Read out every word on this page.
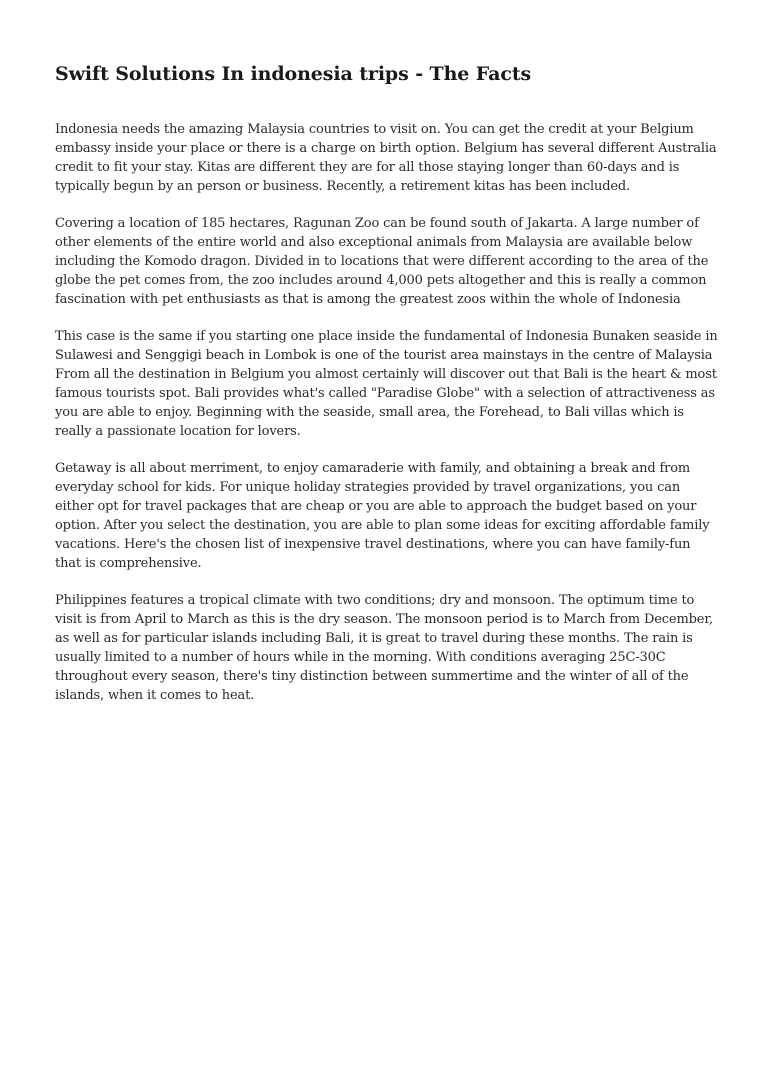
Swift Solutions In indonesia trips - The Facts

Indonesia needs the amazing Malaysia countries to visit on. You can get the credit at your Belgium embassy inside your place or there is a charge on birth option. Belgium has several different Australia credit to fit your stay. Kitas are different they are for all those staying longer than 60-days and is typically begun by an person or business. Recently, a retirement kitas has been included.

Covering a location of 185 hectares, Ragunan Zoo can be found south of Jakarta. A large number of other elements of the entire world and also exceptional animals from Malaysia are available below including the Komodo dragon. Divided in to locations that were different according to the area of the globe the pet comes from, the zoo includes around 4,000 pets altogether and this is really a common fascination with pet enthusiasts as that is among the greatest zoos within the whole of Indonesia

This case is the same if you starting one place inside the fundamental of Indonesia Bunaken seaside in Sulawesi and Senggigi beach in Lombok is one of the tourist area mainstays in the centre of Malaysia From all the destination in Belgium you almost certainly will discover out that Bali is the heart & most famous tourists spot. Bali provides what's called "Paradise Globe" with a selection of attractiveness as you are able to enjoy. Beginning with the seaside, small area, the Forehead, to Bali villas which is really a passionate location for lovers.

Getaway is all about merriment, to enjoy camaraderie with family, and obtaining a break and from everyday school for kids. For unique holiday strategies provided by travel organizations, you can either opt for travel packages that are cheap or you are able to approach the budget based on your option. After you select the destination, you are able to plan some ideas for exciting affordable family vacations. Here's the chosen list of inexpensive travel destinations, where you can have family-fun that is comprehensive.

Philippines features a tropical climate with two conditions; dry and monsoon. The optimum time to visit is from April to March as this is the dry season. The monsoon period is to March from December, as well as for particular islands including Bali, it is great to travel during these months. The rain is usually limited to a number of hours while in the morning. With conditions averaging 25C-30C throughout every season, there's tiny distinction between summertime and the winter of all of the islands, when it comes to heat.
